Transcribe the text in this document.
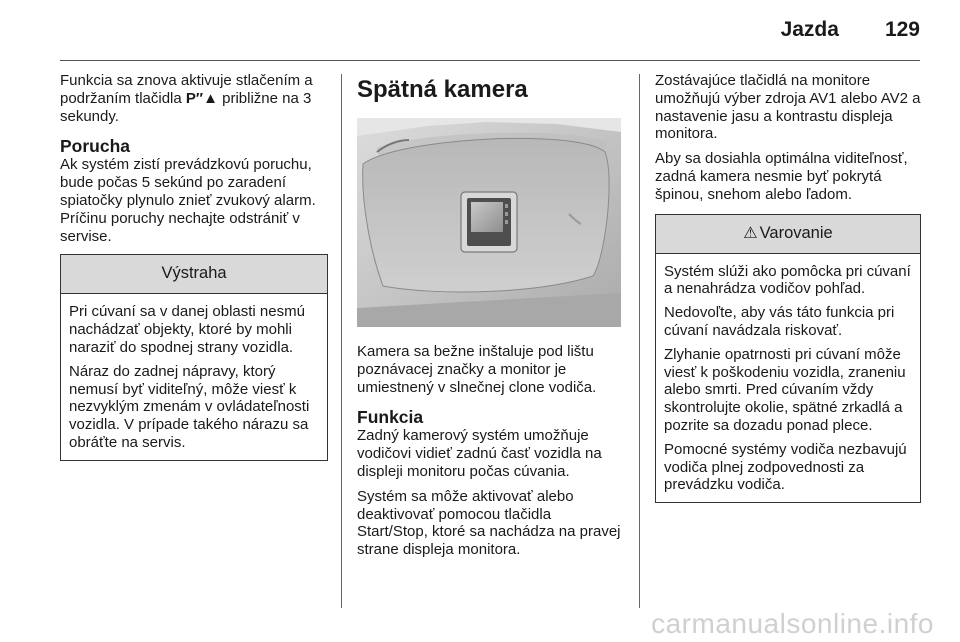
Jazda 129

Funkcia sa znova aktivuje stlačením a podržaním tlačidla P″▲ približne na 3 sekundy.

Porucha

Ak systém zistí prevádzkovú poruchu, bude počas 5 sekúnd po zaradení spiatočky plynulo znieť zvukový alarm. Príčinu poruchy nechajte odstrániť v servise.

Výstraha

Pri cúvaní sa v danej oblasti nesmú nachádzať objekty, ktoré by mohli naraziť do spodnej strany vozidla.

Náraz do zadnej nápravy, ktorý nemusí byť viditeľný, môže viesť k nezvyklým zmenám v ovládateľnosti vozidla. V prípade takého nárazu sa obráťte na servis.

Spätná kamera

Kamera sa bežne inštaluje pod lištu poznávacej značky a monitor je umiestnený v slnečnej clone vodiča.

Funkcia

Zadný kamerový systém umožňuje vodičovi vidieť zadnú časť vozidla na displeji monitoru počas cúvania.

Systém sa môže aktivovať alebo deaktivovať pomocou tlačidla Start/Stop, ktoré sa nachádza na pravej strane displeja monitora.

Zostávajúce tlačidlá na monitore umožňujú výber zdroja AV1 alebo AV2 a nastavenie jasu a kontrastu displeja monitora.

Aby sa dosiahla optimálna viditeľnosť, zadná kamera nesmie byť pokrytá špinou, snehom alebo ľadom.

⚠ Varovanie

Systém slúži ako pomôcka pri cúvaní a nenahrádza vodičov pohľad.

Nedovoľte, aby vás táto funkcia pri cúvaní navádzala riskovať.

Zlyhanie opatrnosti pri cúvaní môže viesť k poškodeniu vozidla, zraneniu alebo smrti. Pred cúvaním vždy skontrolujte okolie, spätné zrkadlá a pozrite sa dozadu ponad plece.

Pomocné systémy vodiča nezbavujú vodiča plnej zodpovednosti za prevádzku vodiča.

carmanualsonline.info
